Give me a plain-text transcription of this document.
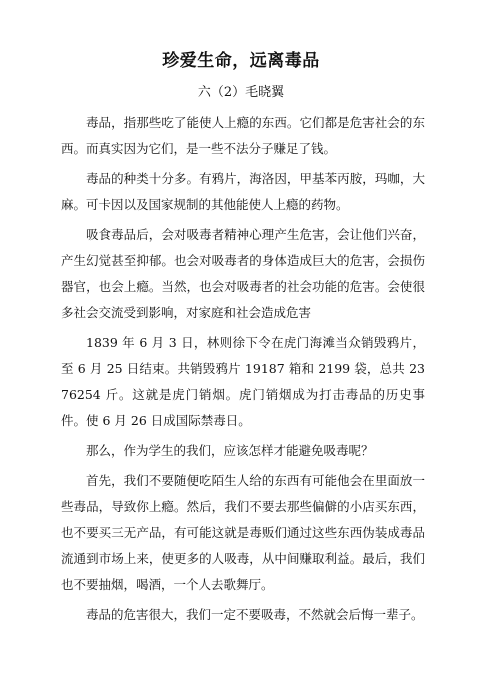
珍爱生命，远离毒品
六（2）毛晓翼

毒品，指那些吃了能使人上瘾的东西。它们都是危害社会的东西。而真实因为它们，是一些不法分子赚足了钱。

毒品的种类十分多。有鸦片，海洛因，甲基苯丙胺，玛咖，大麻。可卡因以及国家规制的其他能使人上瘾的药物。

吸食毒品后，会对吸毒者精神心理产生危害，会让他们兴奋，产生幻觉甚至抑郁。也会对吸毒者的身体造成巨大的危害，会损伤器官，也会上瘾。当然，也会对吸毒者的社会功能的危害。会使很多社会交流受到影响，对家庭和社会造成危害

1839 年 6 月 3 日，林则徐下令在虎门海滩当众销毁鸦片，至 6 月 25 日结束。共销毁鸦片 19187 箱和 2199 袋，总共 2376254 斤。这就是虎门销烟。虎门销烟成为打击毒品的历史事件。使 6 月 26 日成国际禁毒日。

那么，作为学生的我们，应该怎样才能避免吸毒呢？

首先，我们不要随便吃陌生人给的东西有可能他会在里面放一些毒品，导致你上瘾。然后，我们不要去那些偏僻的小店买东西，也不要买三无产品，有可能这就是毒贩们通过这些东西伪装成毒品流通到市场上来，使更多的人吸毒，从中间赚取利益。最后，我们也不要抽烟，喝酒，一个人去歌舞厅。

毒品的危害很大，我们一定不要吸毒，不然就会后悔一辈子。
